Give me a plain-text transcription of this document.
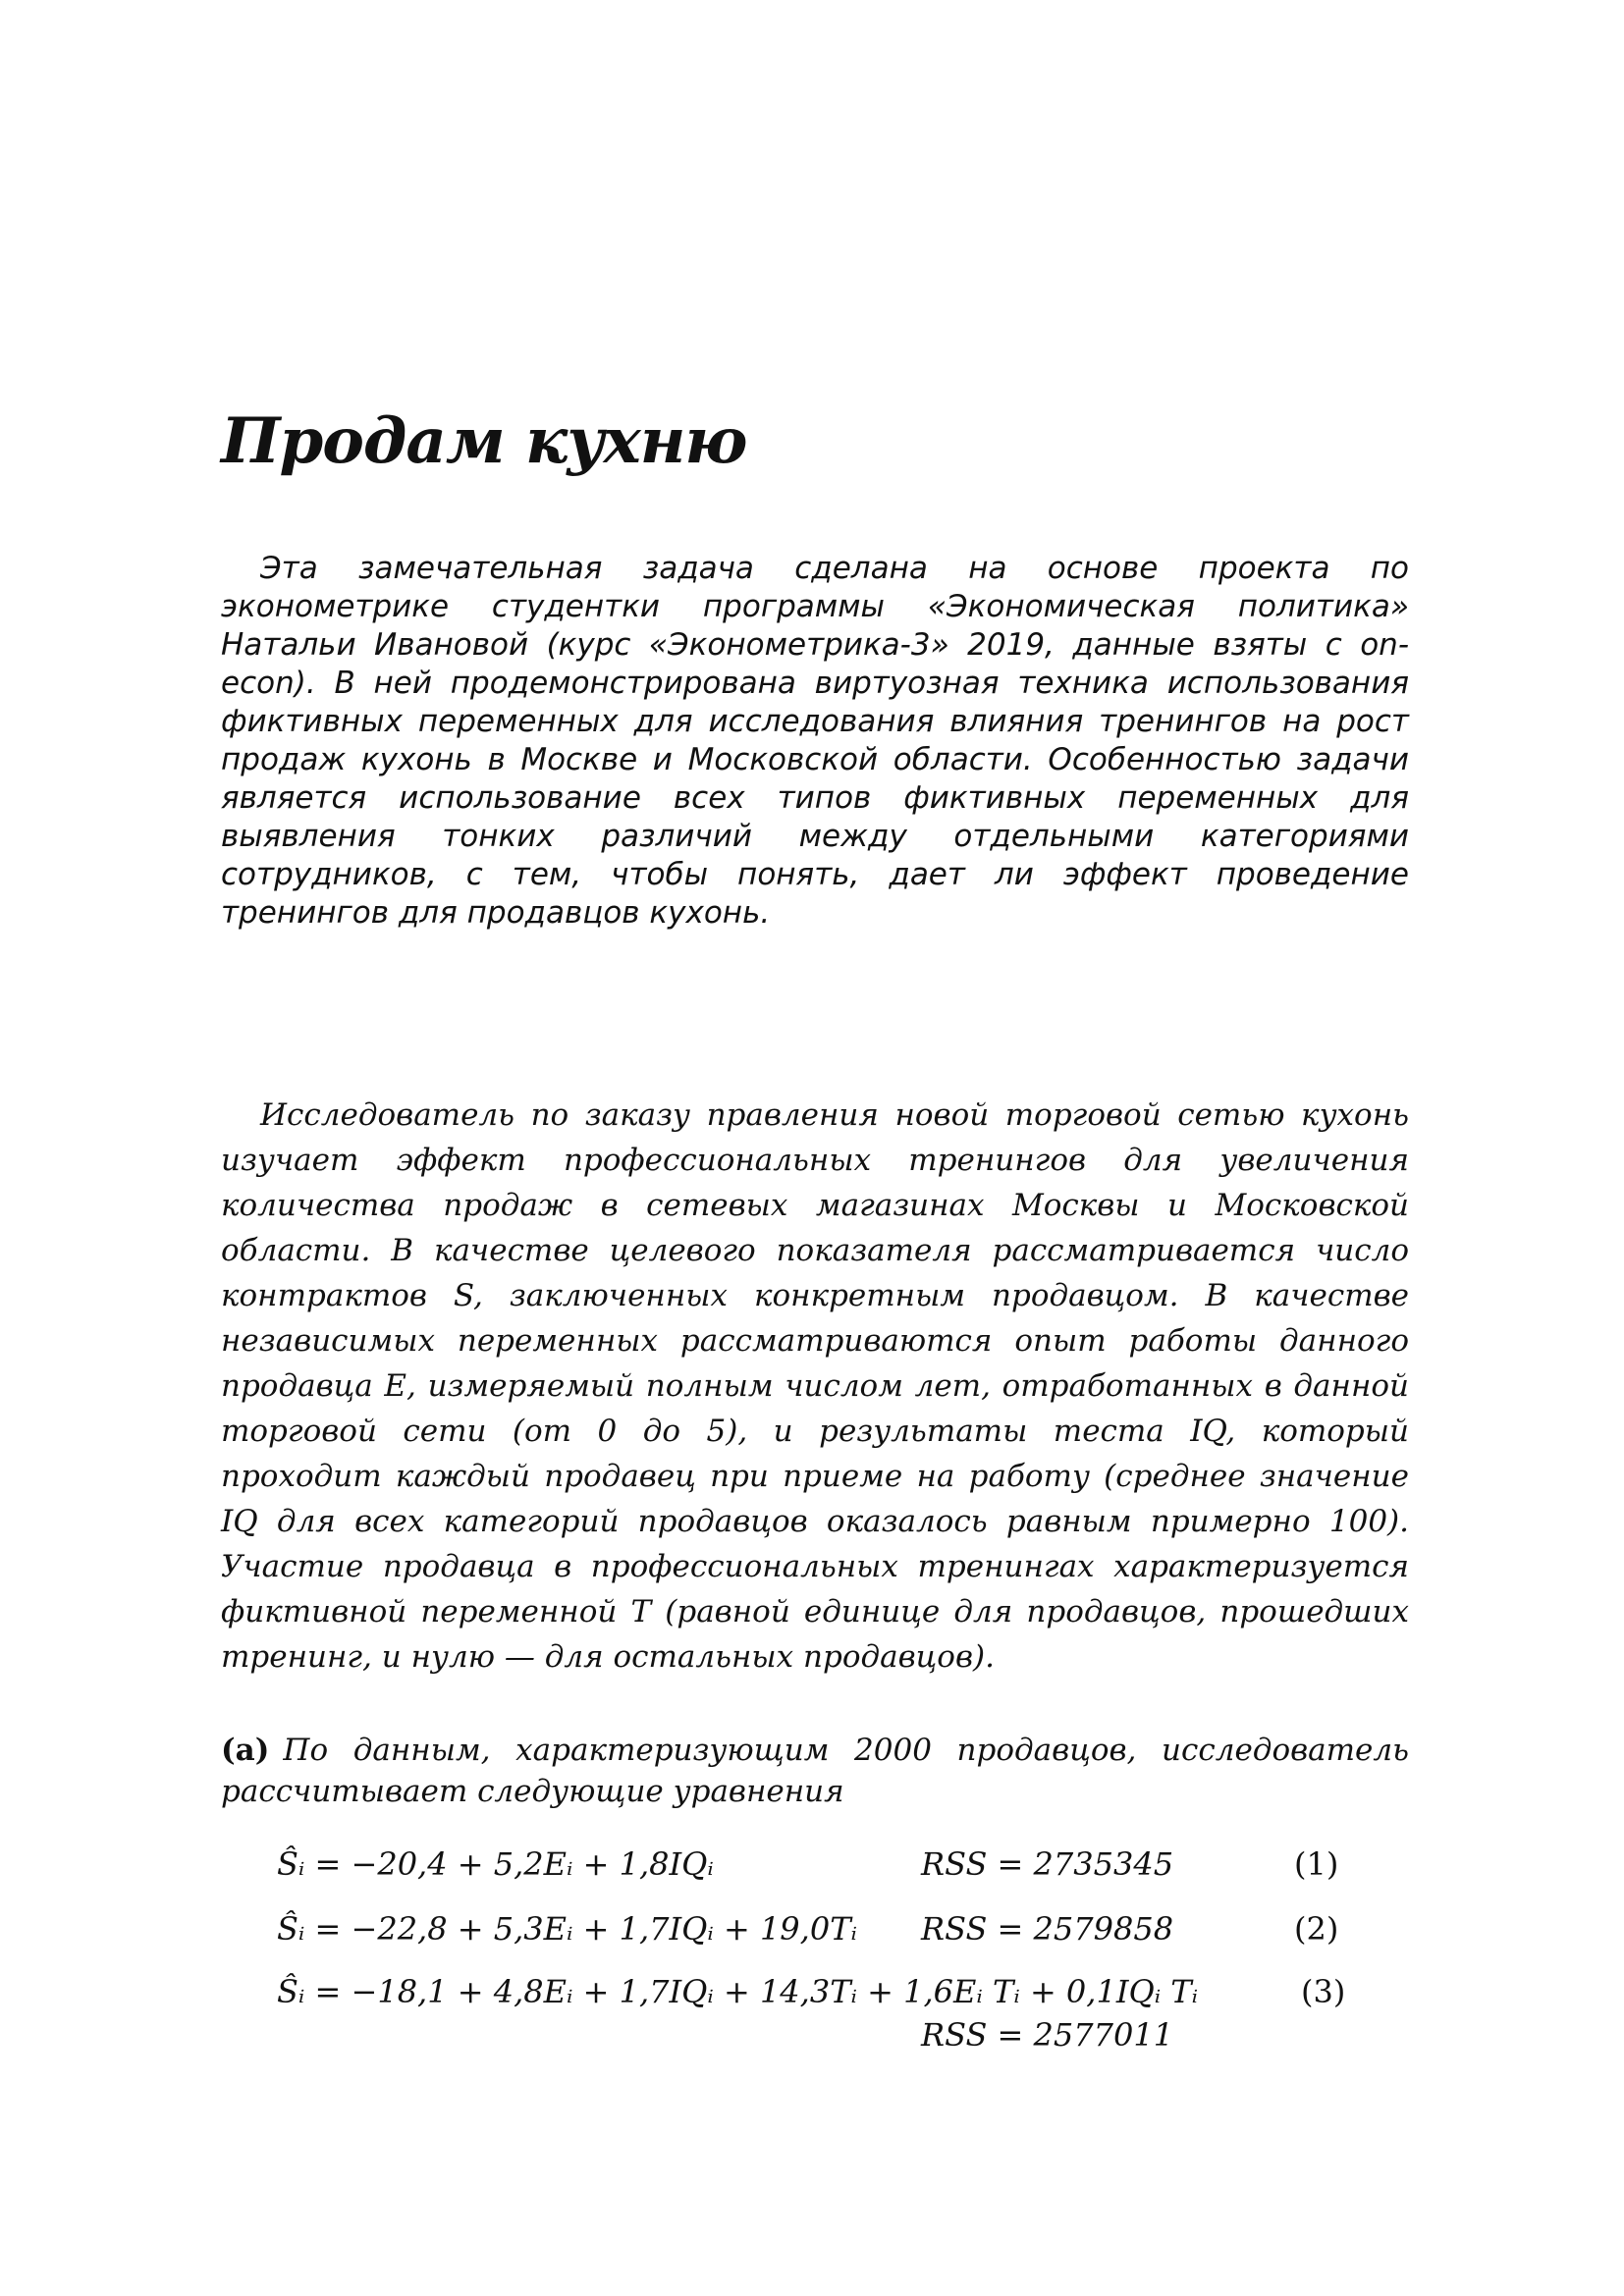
Продам кухню

Эта замечательная задача сделана на основе проекта по эконометрике студентки программы «Экономическая политика» Натальи Ивановой (курс «Эконометрика-3» 2019, данные взяты с on-econ). В ней продемонстрирована виртуозная техника использования фиктивных переменных для исследования влияния тренингов на рост продаж кухонь в Москве и Московской области. Особенностью задачи является использование всех типов фиктивных переменных для выявления тонких различий между отдельными категориями сотрудников, с тем, чтобы понять, дает ли эффект проведение тренингов для продавцов кухонь.

Исследователь по заказу правления новой торговой сетью кухонь изучает эффект профессиональных тренингов для увеличения количества продаж в сетевых магазинах Москвы и Московской области. В качестве целевого показателя рассматривается число контрактов S, заключенных конкретным продавцом. В качестве независимых переменных рассматриваются опыт работы данного продавца E, измеряемый полным числом лет, отработанных в данной торговой сети (от 0 до 5), и результаты теста IQ, который проходит каждый продавец при приеме на работу (среднее значение IQ для всех категорий продавцов оказалось равным примерно 100). Участие продавца в профессиональных тренингах характеризуется фиктивной переменной T (равной единице для продавцов, прошедших тренинг, и нулю — для остальных продавцов).

(a) По данным, характеризующим 2000 продавцов, исследователь рассчитывает следующие уравнения

Ŝᵢ = −20,4 + 5,2Eᵢ + 1,8IQᵢ	RSS = 2735345	(1)
Ŝᵢ = −22,8 + 5,3Eᵢ + 1,7IQᵢ + 19,0Tᵢ RSS = 2579858	(2)
Ŝᵢ = −18,1 + 4,8Eᵢ + 1,7IQᵢ + 14,3Tᵢ + 1,6Eᵢ Tᵢ + 0,1IQᵢ Tᵢ	(3)
RSS = 2577011
